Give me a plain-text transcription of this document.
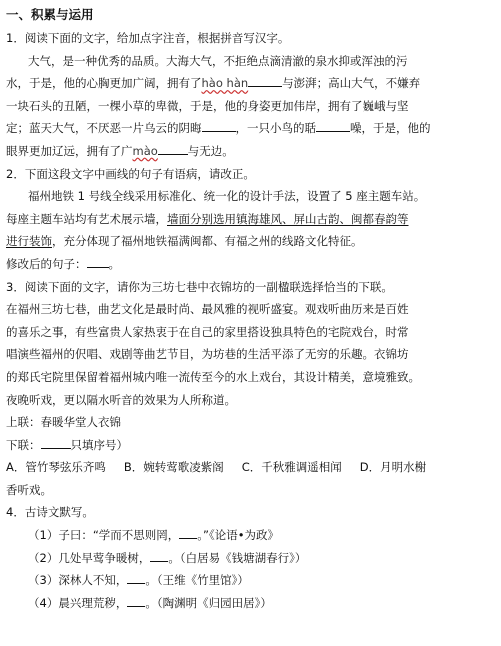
一、积累与运用
1．阅读下面的文字，给加点字注音，根据拼音写汉字。
大气，是一种优秀的品质。大海大气，不拒绝点滴清澈的泉水抑或浑浊的污
水，于是，他的心胸更加广阔，拥有了hào hàn	与澎湃；高山大气，不嫌弃
一块石头的丑陋，一棵小草的卑微，于是，他的身姿更加伟岸，拥有了巍峨与坚
定；蓝天大气，不厌恶一片乌云的阴晦	，一只小鸟的聒	噪，于是，他的
眼界更加辽远，拥有了广mào	与无边。
2．下面这段文字中画线的句子有语病，请改正。
福州地铁 1 号线全线采用标准化、统一化的设计手法，设置了 5 座主题车站。
每座主题车站均有艺术展示墙，墙面分别选用镇海雄风、屏山古韵、闽都春韵等
进行装饰，充分体现了福州地铁福满闽都、有福之州的线路文化特征。
修改后的句子： 。
3．阅读下面的文字，请你为三坊七巷中衣锦坊的一副楹联选择恰当的下联。
在福州三坊七巷，曲艺文化是最时尚、最风雅的视听盛宴。观戏听曲历来是百姓
的喜乐之事，有些富贵人家热衷于在自己的家里搭设独具特色的宅院戏台，时常
唱演些福州的伬唱、戏剧等曲艺节目，为坊巷的生活平添了无穷的乐趣。衣锦坊
的郑氏宅院里保留着福州城内唯一流传至今的水上戏台，其设计精美，意境雅致。
夜晚听戏，更以隔水听音的效果为人所称道。
上联：春暖华堂人衣锦
下联：	只填序号）
A．管竹琴弦乐齐鸣 B．婉转莺歌凌紫阁 C．千秋雅调遥相闻 D．月明水榭
香听戏。
4．古诗文默写。
（1）子曰：“学而不思则罔， 。”《论语•为政》
（2）几处早莺争暖树， 。（白居易《钱塘湖春行》）
（3）深林人不知， 。（王维《竹里馆》）
（4）晨兴理荒秽， 。（陶渊明《归园田居》）
